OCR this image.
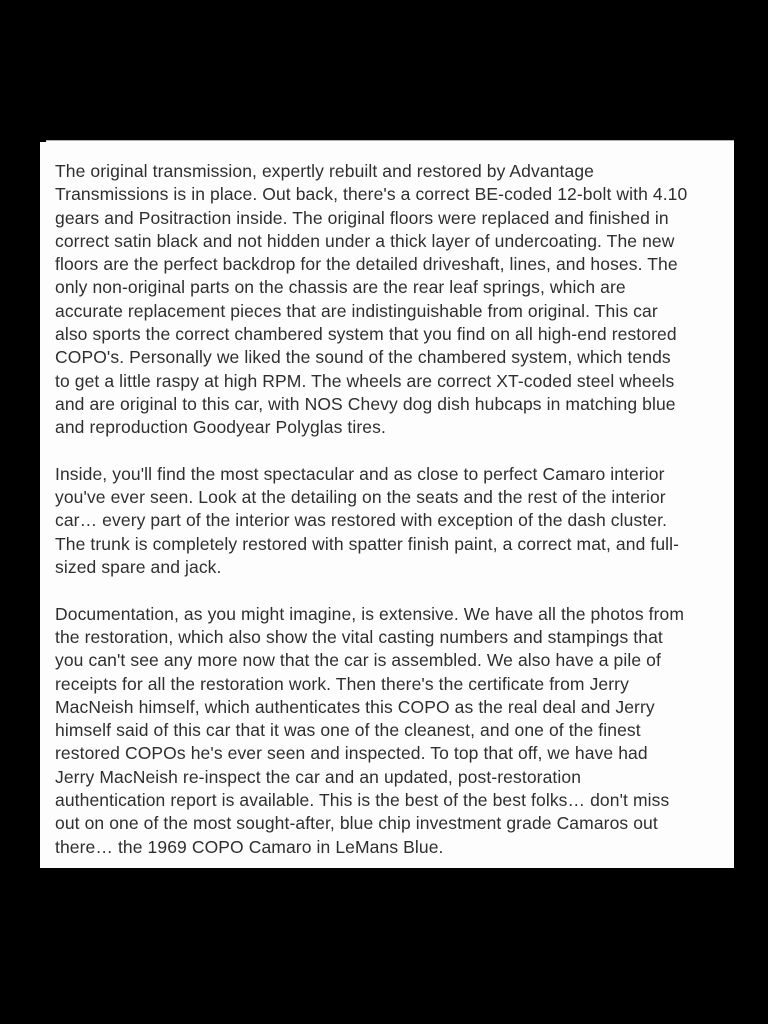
The original transmission, expertly rebuilt and restored by Advantage
Transmissions is in place. Out back, there's a correct BE-coded 12-bolt with 4.10
gears and Positraction inside. The original floors were replaced and finished in
correct satin black and not hidden under a thick layer of undercoating. The new
floors are the perfect backdrop for the detailed driveshaft, lines, and hoses. The
only non-original parts on the chassis are the rear leaf springs, which are
accurate replacement pieces that are indistinguishable from original. This car
also sports the correct chambered system that you find on all high-end restored
COPO's. Personally we liked the sound of the chambered system, which tends
to get a little raspy at high RPM. The wheels are correct XT-coded steel wheels
and are original to this car, with NOS Chevy dog dish hubcaps in matching blue
and reproduction Goodyear Polyglas tires.
Inside, you'll find the most spectacular and as close to perfect Camaro interior
you've ever seen. Look at the detailing on the seats and the rest of the interior
car… every part of the interior was restored with exception of the dash cluster.
The trunk is completely restored with spatter finish paint, a correct mat, and full-
sized spare and jack.
Documentation, as you might imagine, is extensive. We have all the photos from
the restoration, which also show the vital casting numbers and stampings that
you can't see any more now that the car is assembled. We also have a pile of
receipts for all the restoration work. Then there's the certificate from Jerry
MacNeish himself, which authenticates this COPO as the real deal and Jerry
himself said of this car that it was one of the cleanest, and one of the finest
restored COPOs he's ever seen and inspected. To top that off, we have had
Jerry MacNeish re-inspect the car and an updated, post-restoration
authentication report is available. This is the best of the best folks… don't miss
out on one of the most sought-after, blue chip investment grade Camaros out
there… the 1969 COPO Camaro in LeMans Blue.
